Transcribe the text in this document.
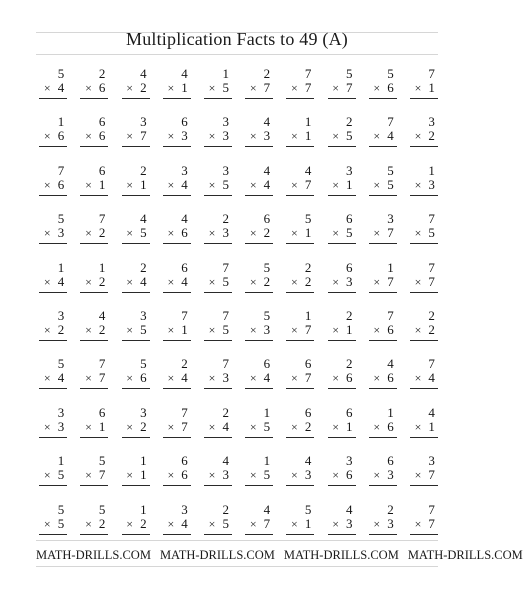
Multiplication Facts to 49 (A)
5
× 4
2
× 6
4
× 2
4
× 1
1
× 5
2
× 7
7
× 7
5
× 7
5
× 6
7
× 1
1
× 6
6
× 6
3
× 7
6
× 3
3
× 3
4
× 3
1
× 1
2
× 5
7
× 4
3
× 2
7
× 6
6
× 1
2
× 1
3
× 4
3
× 5
4
× 4
4
× 7
3
× 1
5
× 5
1
× 3
5
× 3
7
× 2
4
× 5
4
× 6
2
× 3
6
× 2
5
× 1
6
× 5
3
× 7
7
× 5
1
× 4
1
× 2
2
× 4
6
× 4
7
× 5
5
× 2
2
× 2
6
× 3
1
× 7
7
× 7
3
× 2
4
× 2
3
× 5
7
× 1
7
× 5
5
× 3
1
× 7
2
× 1
7
× 6
2
× 2
5
× 4
7
× 7
5
× 6
2
× 4
7
× 3
6
× 4
6
× 7
2
× 6
4
× 6
7
× 4
3
× 3
6
× 1
3
× 2
7
× 7
2
× 4
1
× 5
6
× 2
6
× 1
1
× 6
4
× 1
1
× 5
5
× 7
1
× 1
6
× 6
4
× 3
1
× 5
4
× 3
3
× 6
6
× 3
3
× 7
5
× 5
5
× 2
1
× 2
3
× 4
2
× 5
4
× 7
5
× 1
4
× 3
2
× 3
7
× 7
MATH-DRILLS.COM MATH-DRILLS.COM MATH-DRILLS.COM MATH-DRILLS.COM
